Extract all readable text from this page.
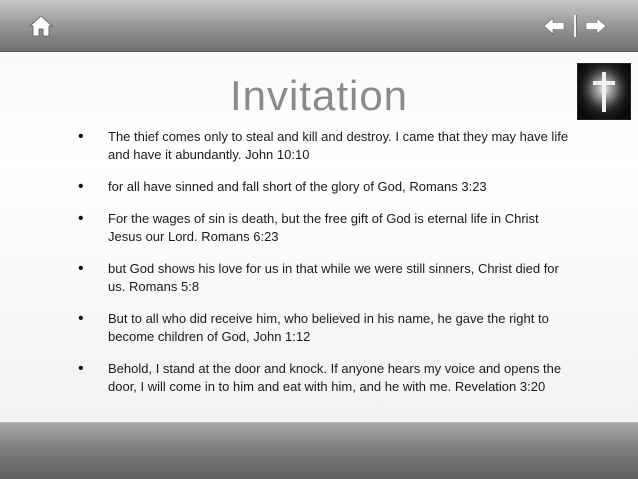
Invitation
• The thief comes only to steal and kill and destroy. I came that they may have life and have it abundantly. John 10:10
• for all have sinned and fall short of the glory of God, Romans 3:23
• For the wages of sin is death, but the free gift of God is eternal life in Christ Jesus our Lord. Romans 6:23
• but God shows his love for us in that while we were still sinners, Christ died for us. Romans 5:8
• But to all who did receive him, who believed in his name, he gave the right to become children of God, John 1:12
• Behold, I stand at the door and knock. If anyone hears my voice and opens the door, I will come in to him and eat with him, and he with me. Revelation 3:20
